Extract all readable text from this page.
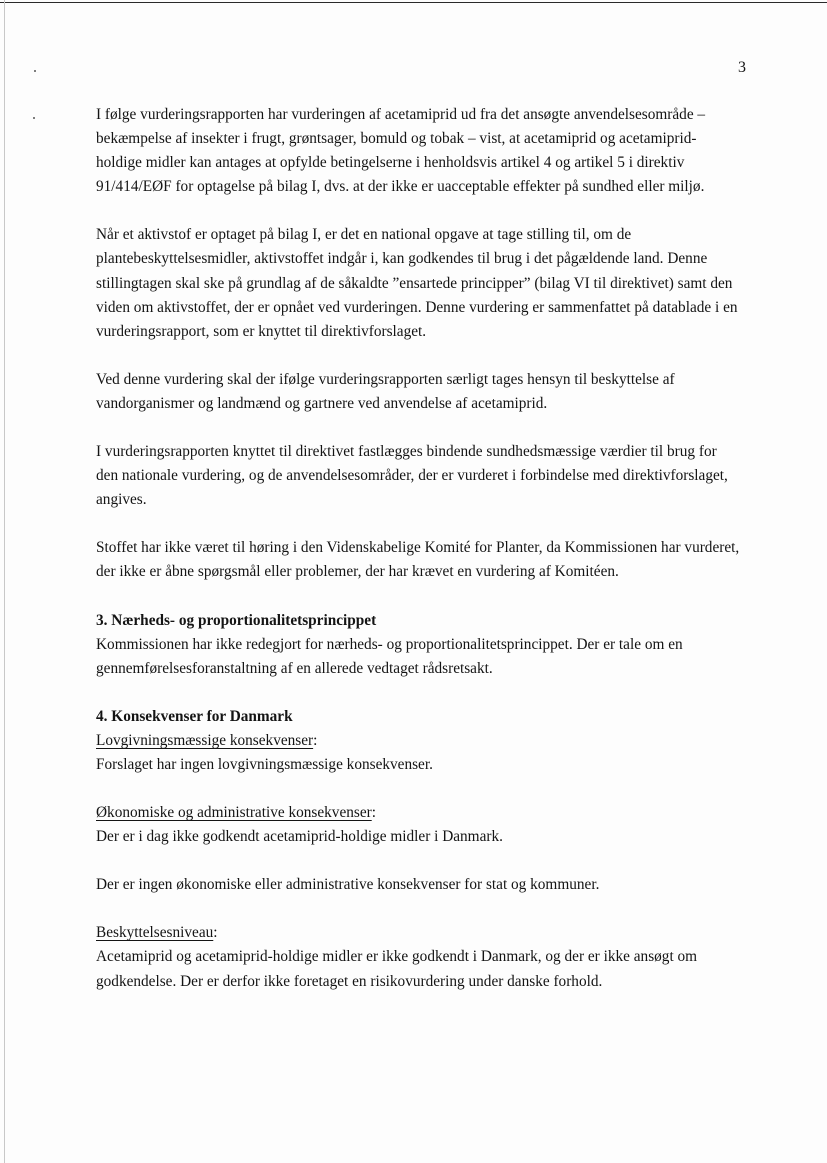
3

I følge vurderingsrapporten har vurderingen af acetamiprid ud fra det ansøgte anvendelsesområde – bekæmpelse af insekter i frugt, grøntsager, bomuld og tobak – vist, at acetamiprid og acetamiprid-holdige midler kan antages at opfylde betingelserne i henholdsvis artikel 4 og artikel 5 i direktiv 91/414/EØF for optagelse på bilag I, dvs. at der ikke er uacceptable effekter på sundhed eller miljø.

Når et aktivstof er optaget på bilag I, er det en national opgave at tage stilling til, om de plantebeskyttelsesmidler, aktivstoffet indgår i, kan godkendes til brug i det pågældende land. Denne stillingtagen skal ske på grundlag af de såkaldte ”ensartede principper” (bilag VI til direktivet) samt den viden om aktivstoffet, der er opnået ved vurderingen. Denne vurdering er sammenfattet på datablade i en vurderingsrapport, som er knyttet til direktivforslaget.

Ved denne vurdering skal der ifølge vurderingsrapporten særligt tages hensyn til beskyttelse af vandorganismer og landmænd og gartnere ved anvendelse af acetamiprid.

I vurderingsrapporten knyttet til direktivet fastlægges bindende sundhedsmæssige værdier til brug for den nationale vurdering, og de anvendelsesområder, der er vurderet i forbindelse med direktivforslaget, angives.

Stoffet har ikke været til høring i den Videnskabelige Komité for Planter, da Kommissionen har vurderet, der ikke er åbne spørgsmål eller problemer, der har krævet en vurdering af Komitéen.

3. Nærheds- og proportionalitetsprincippet

Kommissionen har ikke redegjort for nærheds- og proportionalitetsprincippet. Der er tale om en gennemførelsesforanstaltning af en allerede vedtaget rådsretsakt.

4. Konsekvenser for Danmark

Lovgivningsmæssige konsekvenser:

Forslaget har ingen lovgivningsmæssige konsekvenser.

Økonomiske og administrative konsekvenser:

Der er i dag ikke godkendt acetamiprid-holdige midler i Danmark.

Der er ingen økonomiske eller administrative konsekvenser for stat og kommuner.

Beskyttelsesniveau:

Acetamiprid og acetamiprid-holdige midler er ikke godkendt i Danmark, og der er ikke ansøgt om godkendelse. Der er derfor ikke foretaget en risikovurdering under danske forhold.
